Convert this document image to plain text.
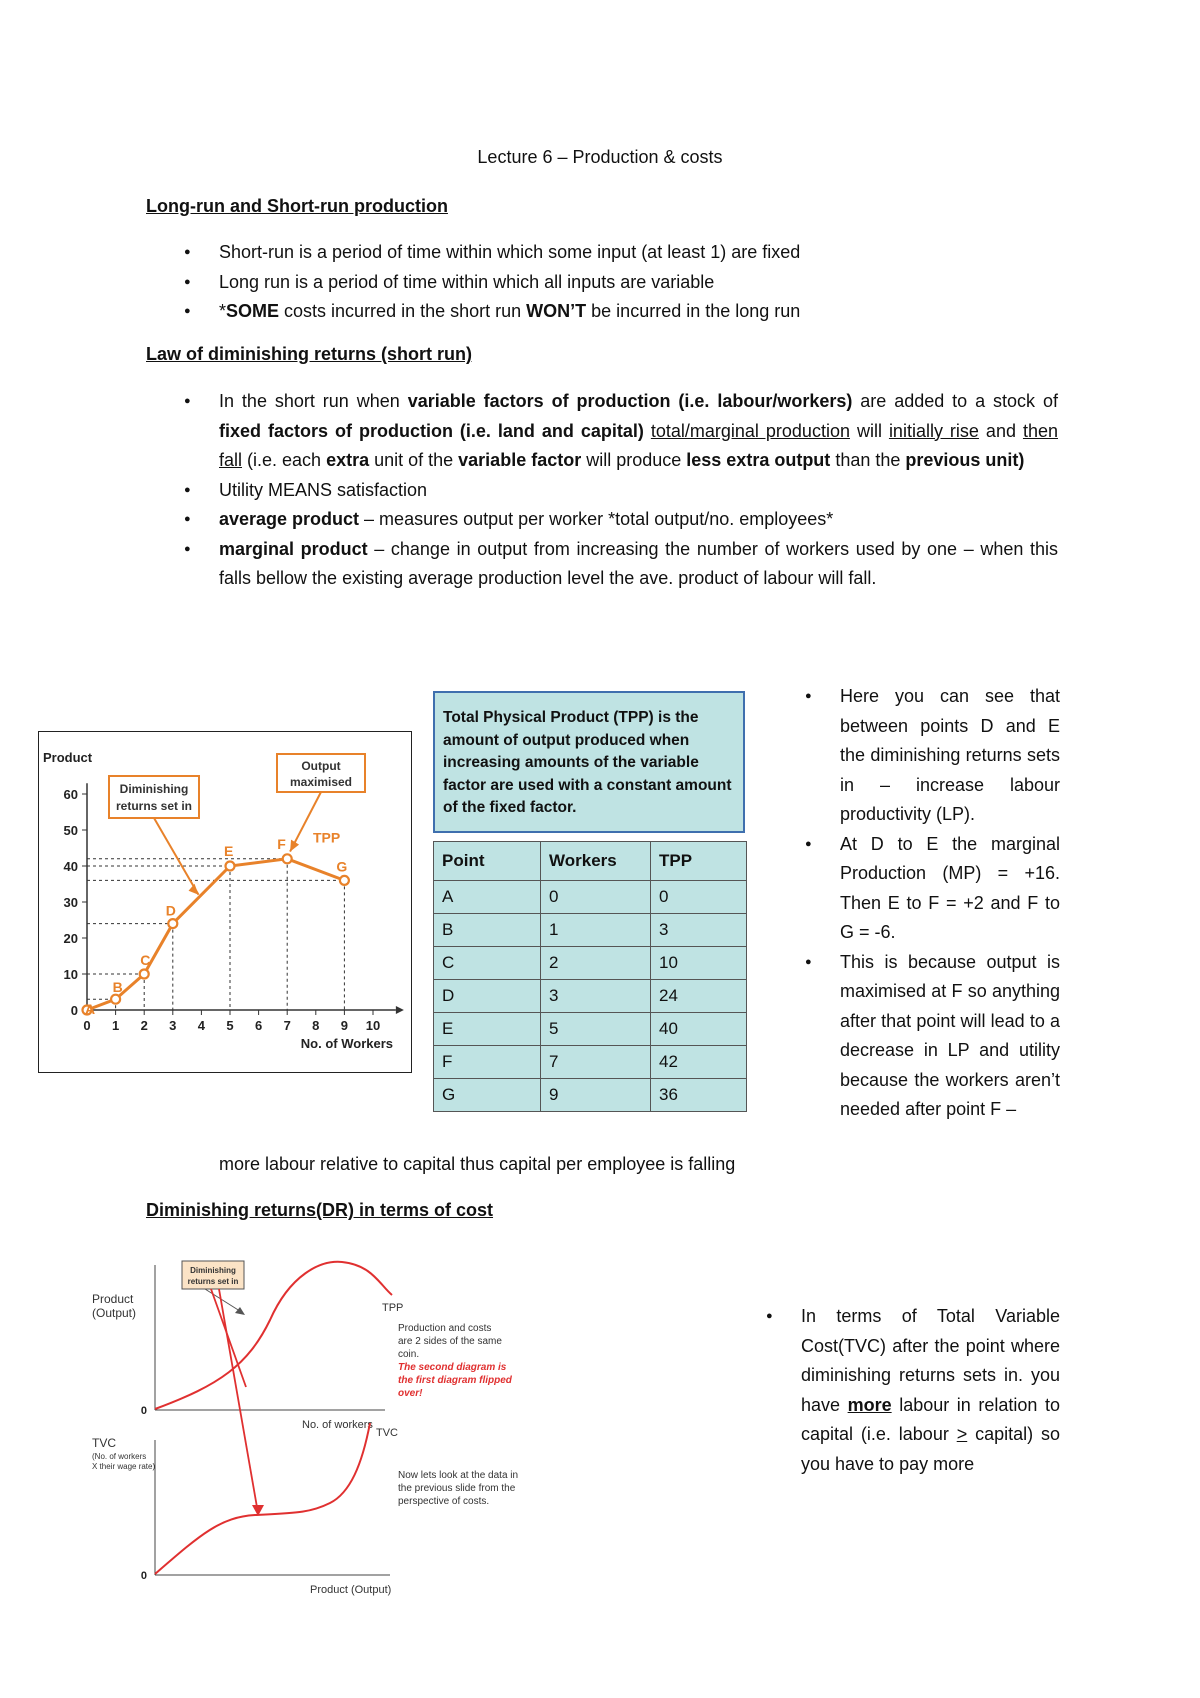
Lecture 6 – Production & costs
Long-run and Short-run production
● Short-run is a period of time within which some input (at least 1) are fixed
● Long run is a period of time within which all inputs are variable
● *SOME costs incurred in the short run WON’T be incurred in the long run
Law of diminishing returns (short run)
● In the short run when variable factors of production (i.e. labour/workers) are added to a stock of fixed factors of production (i.e. land and capital) total/marginal production will initially rise and then fall (i.e. each extra unit of the variable factor will produce less extra output than the previous unit)
● Utility MEANS satisfaction
● average product – measures output per worker *total output/no. employees*
● marginal product – change in output from increasing the number of workers used by one – when this falls bellow the existing average production level the ave. product of labour will fall.
0 1 2 3 4 5 6 7 8 9 10
0
10
20
30
40
50
60
Product
No. of Workers
A
B
C
D
E	F
G
TPP
Diminishing
returns set in
Output
maximised
Total Physical Product (TPP) is the amount of output produced when increasing amounts of the variable factor are used with a constant amount of the fixed factor.
Point	Workers	TPP
A	0	0
B	1	3
C	2	10
D	3	24
E	5	40
F	7	42
G	9	36
● Here you can see that between points D and E the diminishing returns sets in – increase labour productivity (LP).
● At D to E the marginal Production (MP) = +16. Then E to F = +2 and F to G = -6.
● This is because output is maximised at F so anything after that point will lead to a decrease in LP and utility because the workers aren’t needed after point F –
more labour relative to capital thus capital per employee is falling
Diminishing returns(DR) in terms of cost
0
Product
(Output)
No. of workers
TPP
Diminishing
returns set in
0
TVC
(No. of workers
X their wage rate)
Product (Output)
TVC
Production and costs
are 2 sides of the same
coin.
The second diagram is
the first diagram flipped
over!
Now lets look at the data in
the previous slide from the
perspective of costs.
● In terms of Total Variable Cost(TVC) after the point where diminishing returns sets in. you have more labour in relation to capital (i.e. labour > capital) so you have to pay more
